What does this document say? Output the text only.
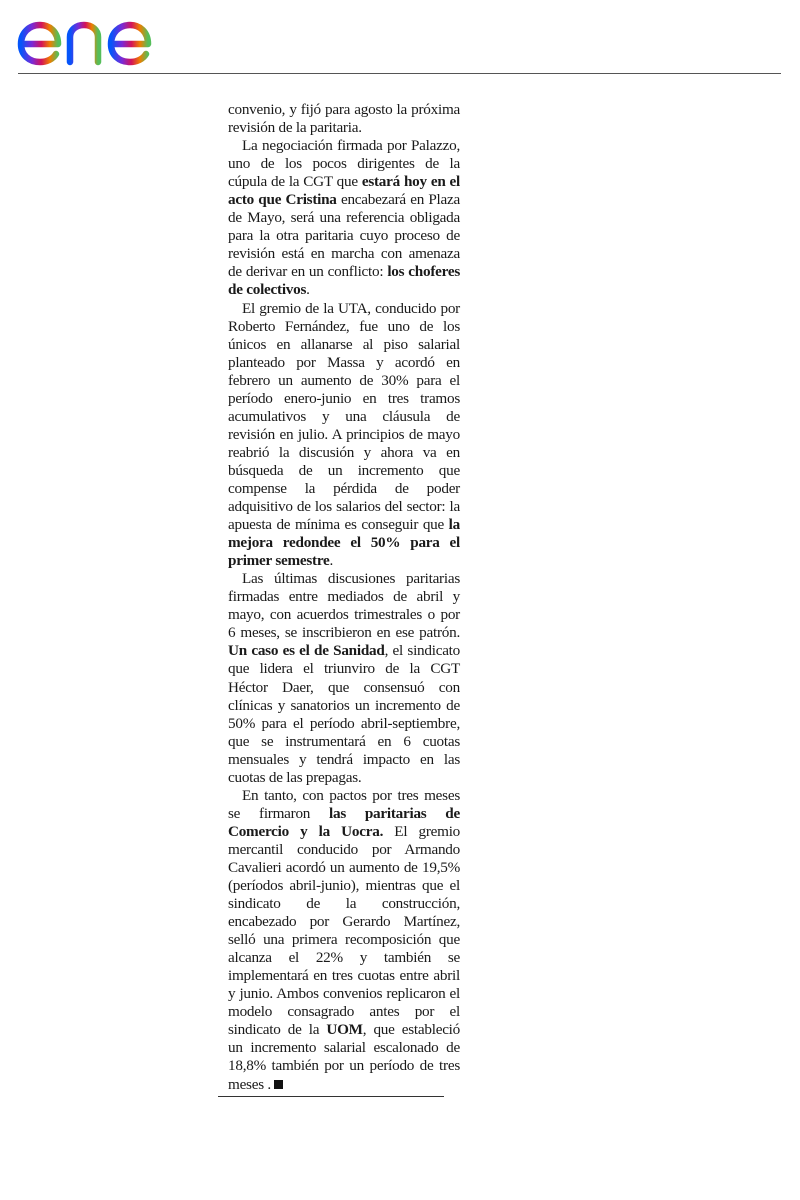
convenio, y fijó para agosto la próxima revisión de la paritaria.

La negociación firmada por Palazzo, uno de los pocos dirigentes de la cúpula de la CGT que estará hoy en el acto que Cristina encabezará en Plaza de Mayo, será una referencia obligada para la otra paritaria cuyo proceso de revisión está en marcha con amenaza de derivar en un conflicto: los choferes de colectivos.

El gremio de la UTA, conducido por Roberto Fernández, fue uno de los únicos en allanarse al piso salarial planteado por Massa y acordó en febrero un aumento de 30% para el período enero-junio en tres tramos acumulativos y una cláusula de revisión en julio. A principios de mayo reabrió la discusión y ahora va en búsqueda de un incremento que compense la pérdida de poder adquisitivo de los salarios del sector: la apuesta de mínima es conseguir que la mejora redondee el 50% para el primer semestre.

Las últimas discusiones paritarias firmadas entre mediados de abril y mayo, con acuerdos trimestrales o por 6 meses, se inscribieron en ese patrón. Un caso es el de Sanidad, el sindicato que lidera el triunviro de la CGT Héctor Daer, que consensuó con clínicas y sanatorios un incremento de 50% para el período abril-septiembre, que se instrumentará en 6 cuotas mensuales y tendrá impacto en las cuotas de las prepagas.

En tanto, con pactos por tres meses se firmaron las paritarias de Comercio y la Uocra. El gremio mercantil conducido por Armando Cavalieri acordó un aumento de 19,5% (períodos abril-junio), mientras que el sindicato de la construcción, encabezado por Gerardo Martínez, selló una primera recomposición que alcanza el 22% y también se implementará en tres cuotas entre abril y junio. Ambos convenios replicaron el modelo consagrado antes por el sindicato de la UOM, que estableció un incremento salarial escalonado de 18,8% también por un período de tres meses .
